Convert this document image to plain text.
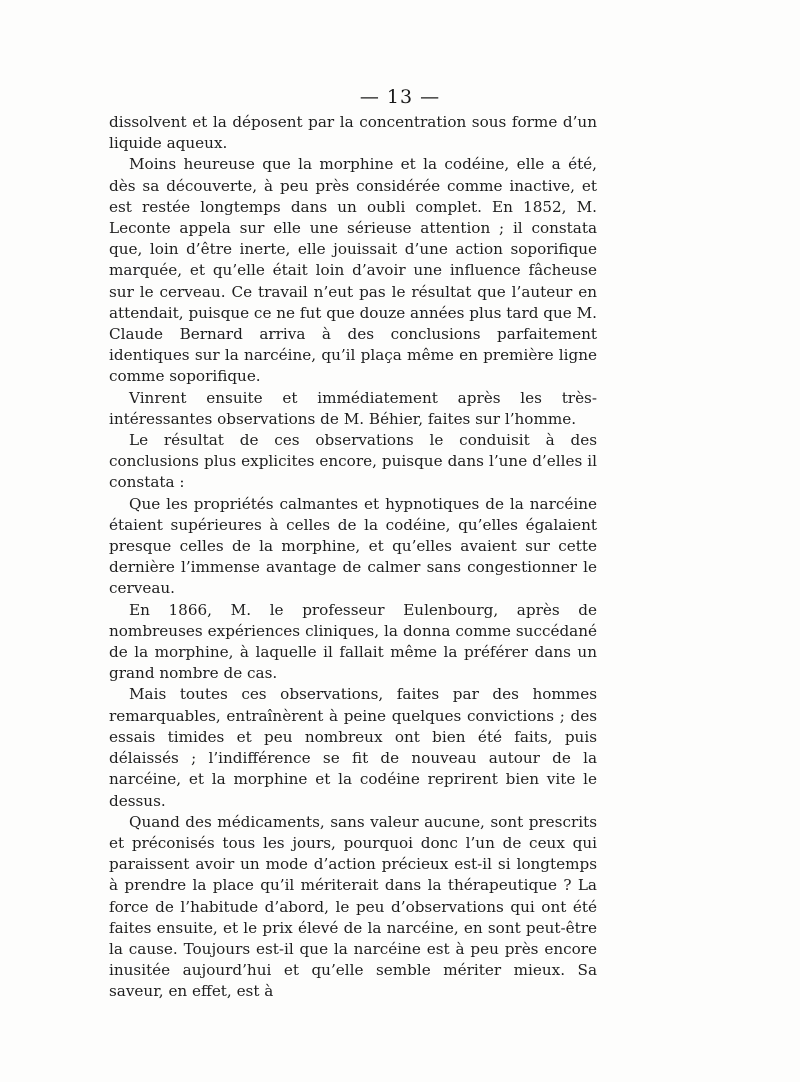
— 13 —

dissolvent et la déposent par la concentration sous forme d’un liquide aqueux.

Moins heureuse que la morphine et la codéine, elle a été, dès sa découverte, à peu près considérée comme inactive, et est restée longtemps dans un oubli complet. En 1852, M. Leconte appela sur elle une sérieuse attention ; il constata que, loin d’être inerte, elle jouissait d’une action soporifique marquée, et qu’elle était loin d’avoir une influence fâcheuse sur le cerveau. Ce travail n’eut pas le résultat que l’auteur en attendait, puisque ce ne fut que douze années plus tard que M. Claude Bernard arriva à des conclusions parfaitement identiques sur la narcéine, qu’il plaça même en première ligne comme soporifique.

Vinrent ensuite et immédiatement après les très-intéressantes observations de M. Béhier, faites sur l’homme.

Le résultat de ces observations le conduisit à des conclusions plus explicites encore, puisque dans l’une d’elles il constata :

Que les propriétés calmantes et hypnotiques de la narcéine étaient supérieures à celles de la codéine, qu’elles égalaient presque celles de la morphine, et qu’elles avaient sur cette dernière l’immense avantage de calmer sans congestionner le cerveau.

En 1866, M. le professeur Eulenbourg, après de nombreuses expériences cliniques, la donna comme succédané de la morphine, à laquelle il fallait même la préférer dans un grand nombre de cas.

Mais toutes ces observations, faites par des hommes remarquables, entraînèrent à peine quelques convictions ; des essais timides et peu nombreux ont bien été faits, puis délaissés ; l’indifférence se fit de nouveau autour de la narcéine, et la morphine et la codéine reprirent bien vite le dessus.

Quand des médicaments, sans valeur aucune, sont prescrits et préconisés tous les jours, pourquoi donc l’un de ceux qui paraissent avoir un mode d’action précieux est-il si longtemps à prendre la place qu’il mériterait dans la thérapeutique ? La force de l’habitude d’abord, le peu d’observations qui ont été faites ensuite, et le prix élevé de la narcéine, en sont peut-être la cause. Toujours est-il que la narcéine est à peu près encore inusitée aujourd’hui et qu’elle semble mériter mieux. Sa saveur, en effet, est à
